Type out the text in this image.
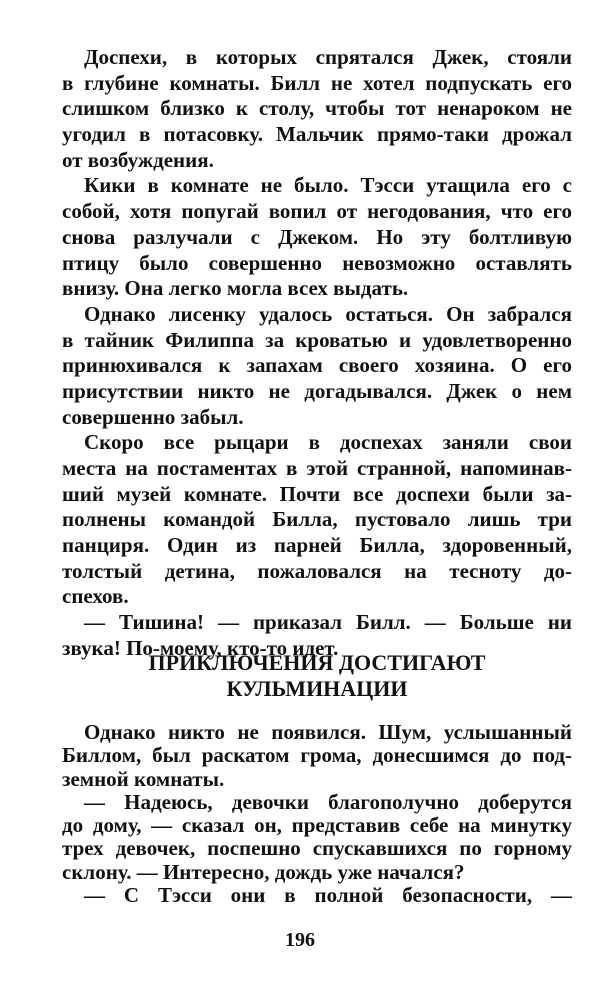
Доспехи, в которых спрятался Джек, стояли
в глубине комнаты. Билл не хотел подпускать его
слишком близко к столу, чтобы тот ненароком не
угодил в потасовку. Мальчик прямо-таки дрожал
от возбуждения.
Кики в комнате не было. Тэсси утащила его с
собой, хотя попугай вопил от негодования, что его
снова разлучали с Джеком. Но эту болтливую
птицу было совершенно невозможно оставлять
внизу. Она легко могла всех выдать.
Однако лисенку удалось остаться. Он забрался
в тайник Филиппа за кроватью и удовлетворенно
принюхивался к запахам своего хозяина. О его
присутствии никто не догадывался. Джек о нем
совершенно забыл.
Скоро все рыцари в доспехах заняли свои
места на постаментах в этой странной, напоминав-
ший музей комнате. Почти все доспехи были за-
полнены командой Билла, пустовало лишь три
панциря. Один из парней Билла, здоровенный,
толстый детина, пожаловался на тесноту до-
спехов.
— Тишина! — приказал Билл. — Больше ни
звука! По-моему, кто-то идет.
ПРИКЛЮЧЕНИЯ ДОСТИГАЮТ
КУЛЬМИНАЦИИ
Однако никто не появился. Шум, услышанный
Биллом, был раскатом грома, донесшимся до под-
земной комнаты.
— Надеюсь, девочки благополучно доберутся
до дому, — сказал он, представив себе на минутку
трех девочек, поспешно спускавшихся по горному
склону. — Интересно, дождь уже начался?
— С Тэсси они в полной безопасности, —
196
